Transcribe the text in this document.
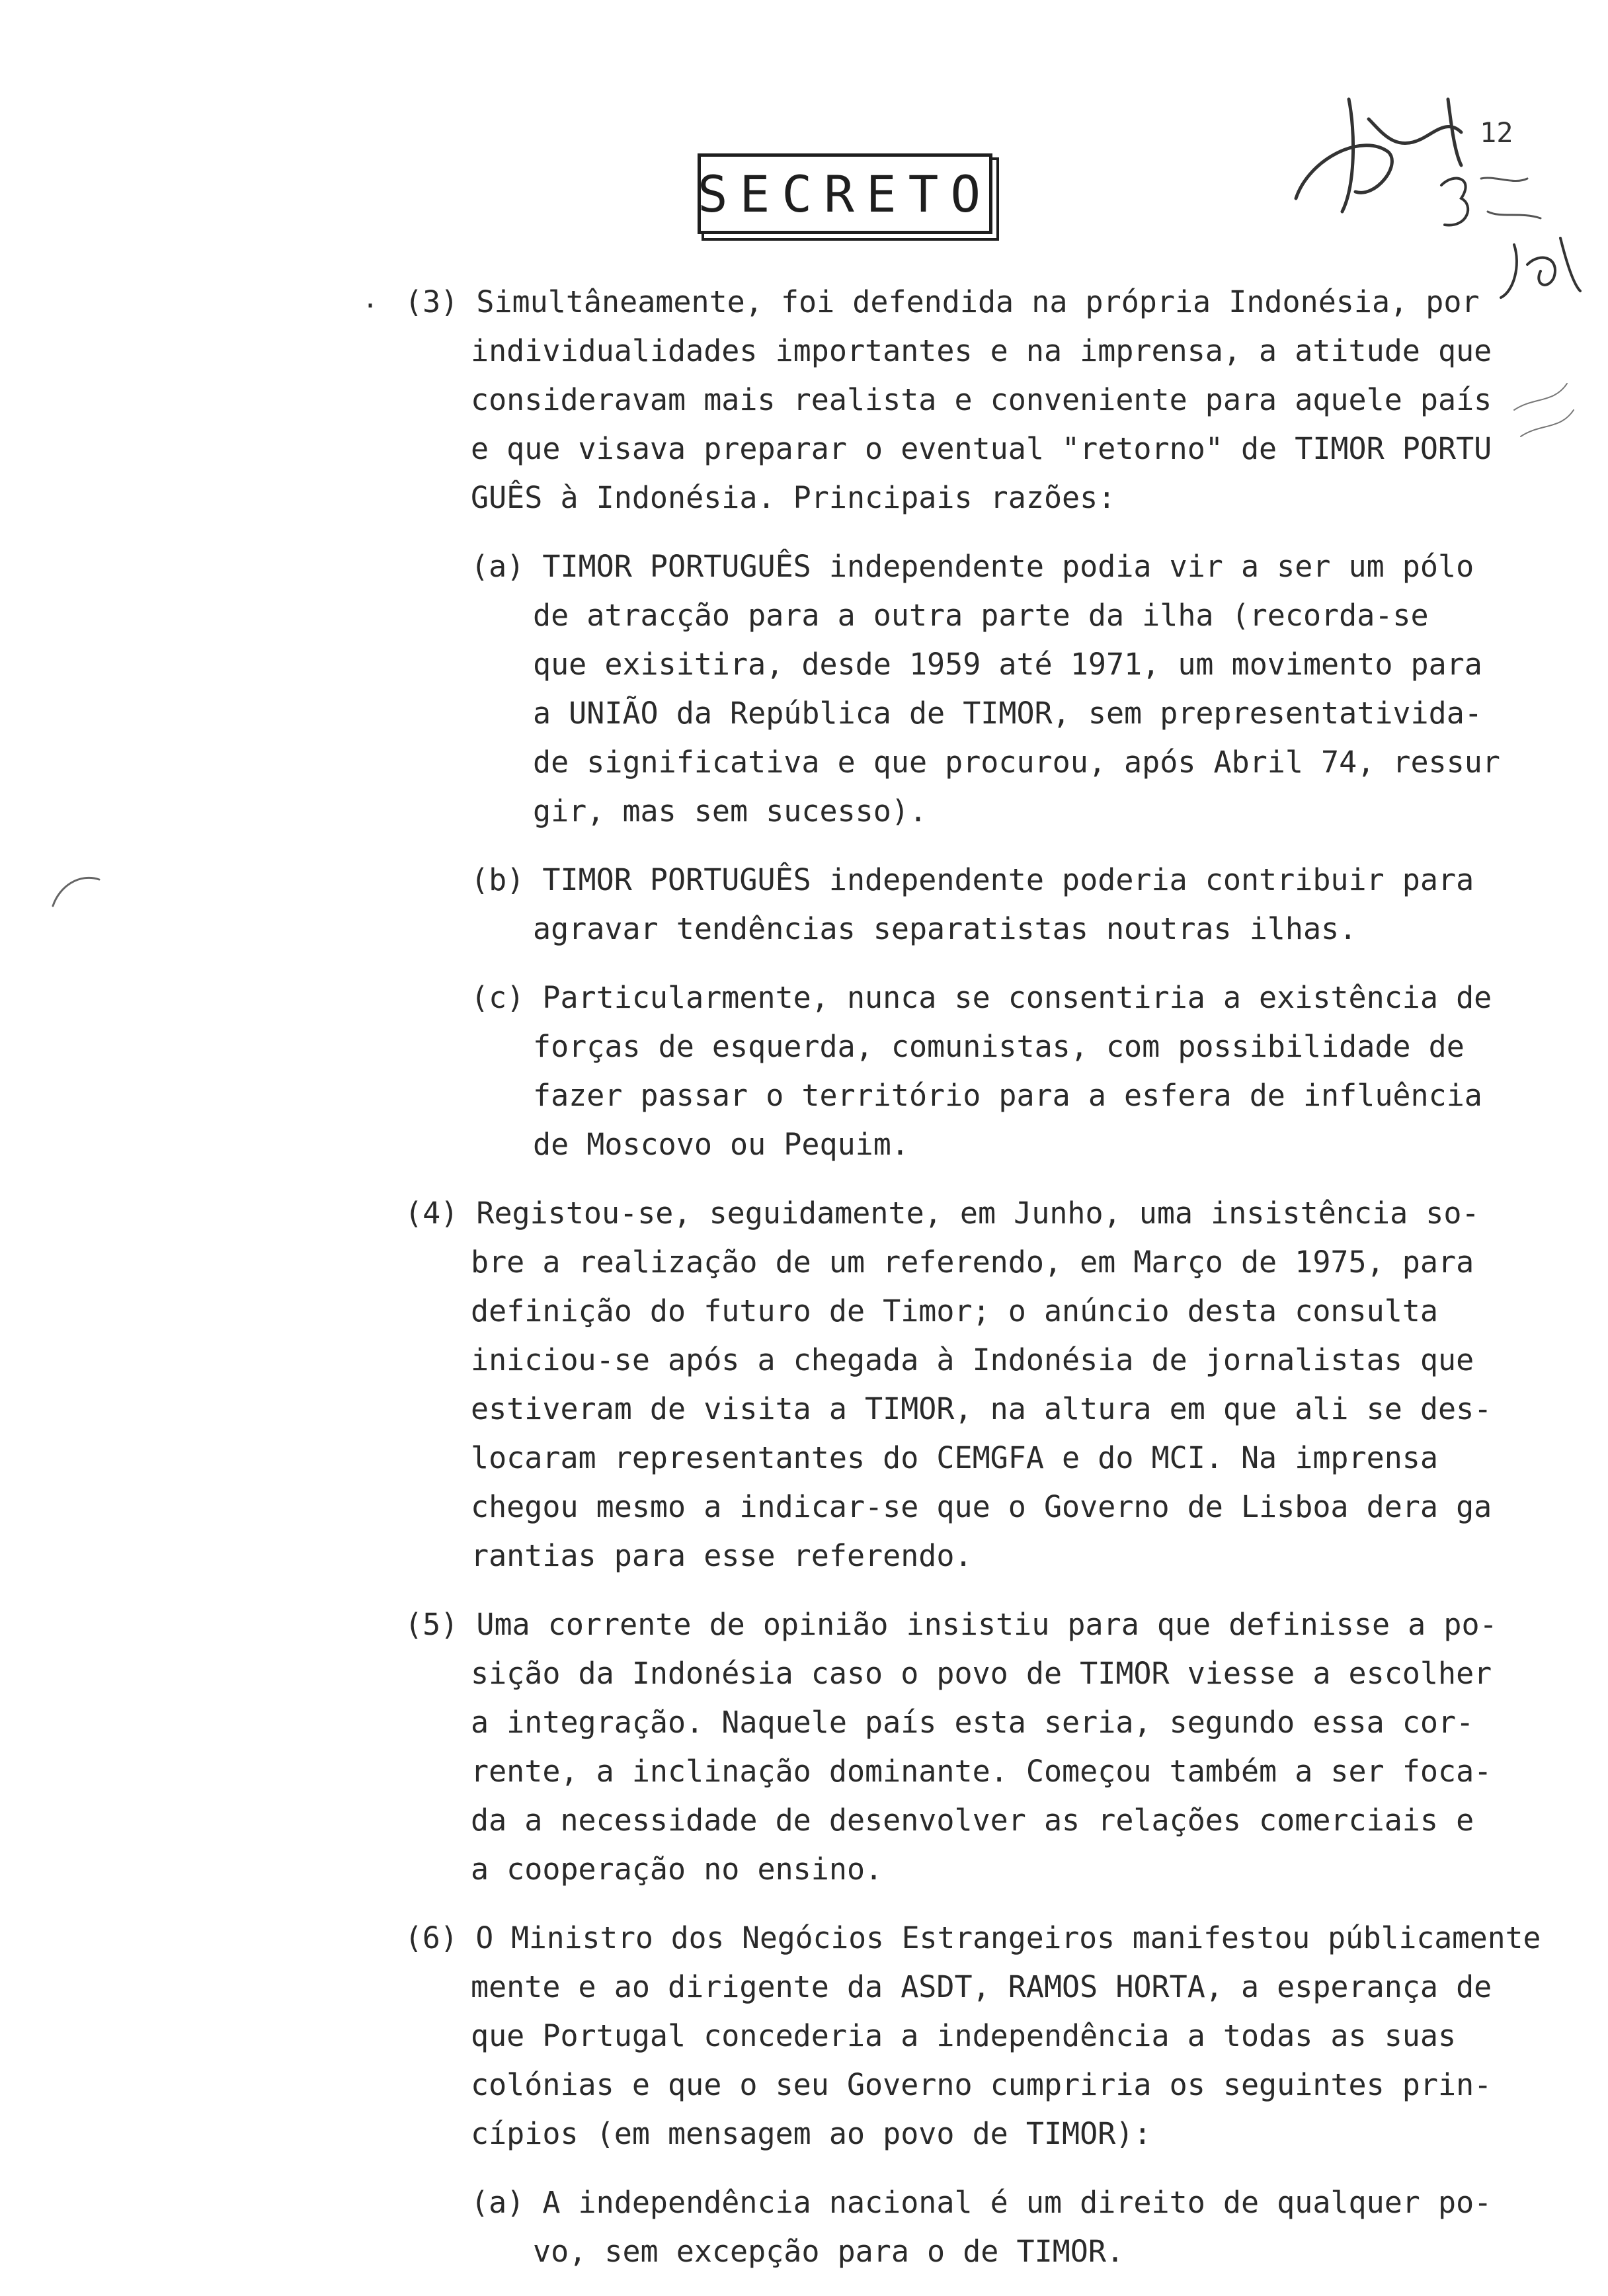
SECRETO
12
· (3) Simultâneamente, foi defendida na própria Indonésia, por
individualidades importantes e na imprensa, a atitude que
consideravam mais realista e conveniente para aquele país
e que visava preparar o eventual "retorno" de TIMOR PORTU
GUÊS à Indonésia. Principais razões:
(a) TIMOR PORTUGUÊS independente podia vir a ser um pólo
de atracção para a outra parte da ilha (recorda-se
que exisitira, desde 1959 até 1971, um movimento para
a UNIÃO da República de TIMOR, sem prepresentativida-
de significativa e que procurou, após Abril 74, ressur
gir, mas sem sucesso).
(b) TIMOR PORTUGUÊS independente poderia contribuir para
agravar tendências separatistas noutras ilhas.
(c) Particularmente, nunca se consentiria a existência de
forças de esquerda, comunistas, com possibilidade de
fazer passar o território para a esfera de influência
de Moscovo ou Pequim.
(4) Registou-se, seguidamente, em Junho, uma insistência so-
bre a realização de um referendo, em Março de 1975, para
definição do futuro de Timor; o anúncio desta consulta
iniciou-se após a chegada à Indonésia de jornalistas que
estiveram de visita a TIMOR, na altura em que ali se des-
locaram representantes do CEMGFA e do MCI. Na imprensa
chegou mesmo a indicar-se que o Governo de Lisboa dera ga
rantias para esse referendo.
(5) Uma corrente de opinião insistiu para que definisse a po-
sição da Indonésia caso o povo de TIMOR viesse a escolher
a integração. Naquele país esta seria, segundo essa cor-
rente, a inclinação dominante. Começou também a ser foca-
da a necessidade de desenvolver as relações comerciais e
a cooperação no ensino.
(6) O Ministro dos Negócios Estrangeiros manifestou públicamente
mente e ao dirigente da ASDT, RAMOS HORTA, a esperança de
que Portugal concederia a independência a todas as suas
colónias e que o seu Governo cumpriria os seguintes prin-
cípios (em mensagem ao povo de TIMOR):
(a) A independência nacional é um direito de qualquer po-
vo, sem excepção para o de TIMOR.
